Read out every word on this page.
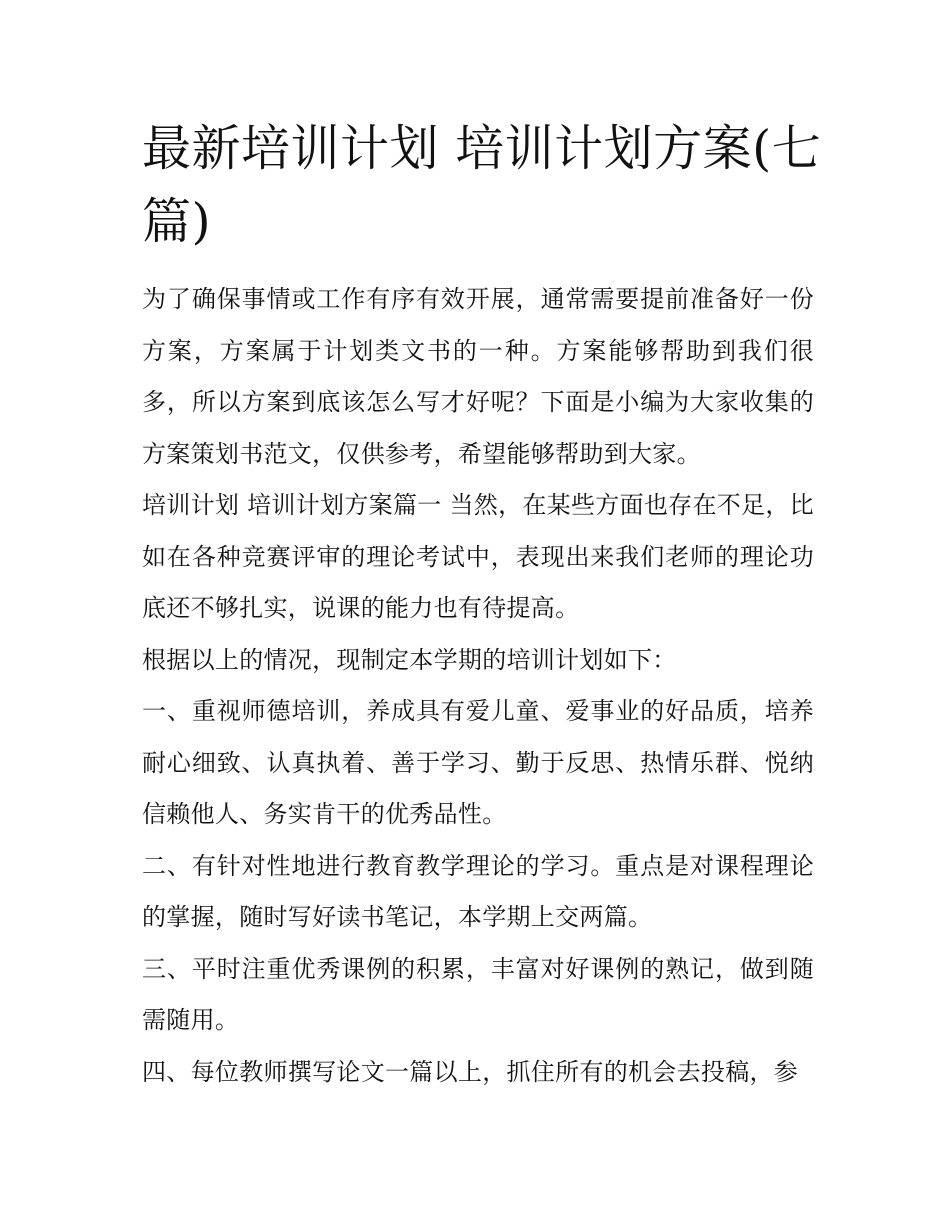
最新培训计划 培训计划方案(七篇)

为了确保事情或工作有序有效开展，通常需要提前准备好一份方案，方案属于计划类文书的一种。方案能够帮助到我们很多，所以方案到底该怎么写才好呢？下面是小编为大家收集的方案策划书范文，仅供参考，希望能够帮助到大家。

培训计划 培训计划方案篇一 当然，在某些方面也存在不足，比如在各种竞赛评审的理论考试中，表现出来我们老师的理论功底还不够扎实，说课的能力也有待提高。

根据以上的情况，现制定本学期的培训计划如下：

一、重视师德培训，养成具有爱儿童、爱事业的好品质，培养耐心细致、认真执着、善于学习、勤于反思、热情乐群、悦纳信赖他人、务实肯干的优秀品性。

二、有针对性地进行教育教学理论的学习。重点是对课程理论的掌握，随时写好读书笔记，本学期上交两篇。

三、平时注重优秀课例的积累，丰富对好课例的熟记，做到随需随用。

四、每位教师撰写论文一篇以上，抓住所有的机会去投稿，参
